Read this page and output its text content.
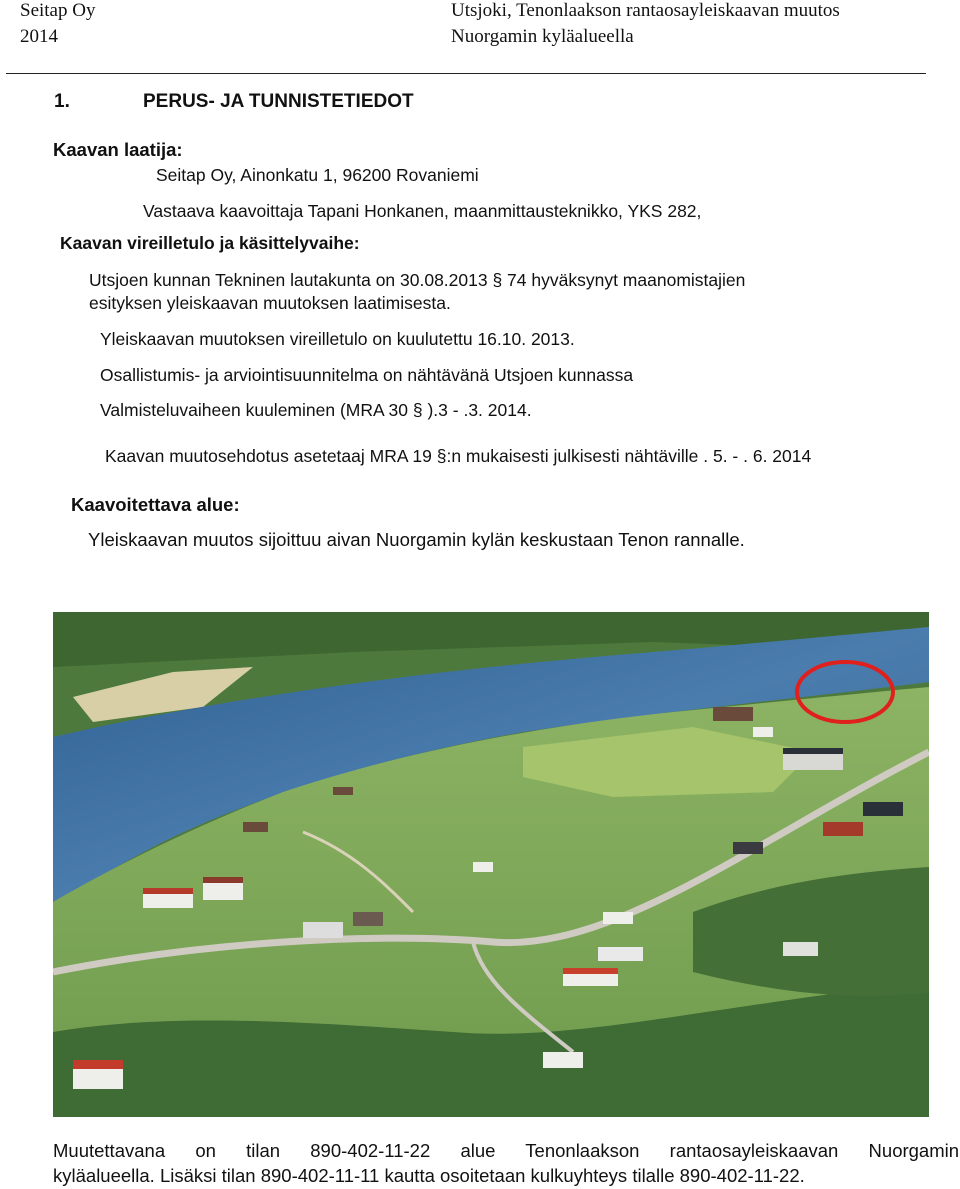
Seitap Oy
2014
Utsjoki, Tenonlaakson rantaosayleiskaavan muutos
Nuorgamin kyläalueella
1.	PERUS- JA TUNNISTETIEDOT
Kaavan laatija:
Seitap Oy, Ainonkatu 1, 96200 Rovaniemi
Vastaava kaavoittaja Tapani Honkanen, maanmittausteknikko, YKS 282,
Kaavan vireilletulo ja käsittelyvaihe:
Utsjoen kunnan Tekninen lautakunta on 30.08.2013 § 74 hyväksynyt maanomistajien
esityksen yleiskaavan muutoksen laatimisesta.
Yleiskaavan muutoksen vireilletulo on kuulutettu 16.10. 2013.
Osallistumis- ja arviointisuunnitelma on nähtävänä Utsjoen kunnassa
Valmisteluvaiheen kuuleminen (MRA 30 § ).3 - .3. 2014.
Kaavan muutosehdotus asetetaaj MRA 19 §:n mukaisesti julkisesti nähtäville . 5. - . 6. 2014
Kaavoitettava alue:
Yleiskaavan muutos sijoittuu aivan Nuorgamin kylän keskustaan Tenon rannalle.
Muutettavana on tilan 890-402-11-22 alue Tenonlaakson rantaosayleiskaavan Nuorgamin
kyläalueella. Lisäksi tilan 890-402-11-11 kautta osoitetaan kulkuyhteys tilalle 890-402-11-22.
